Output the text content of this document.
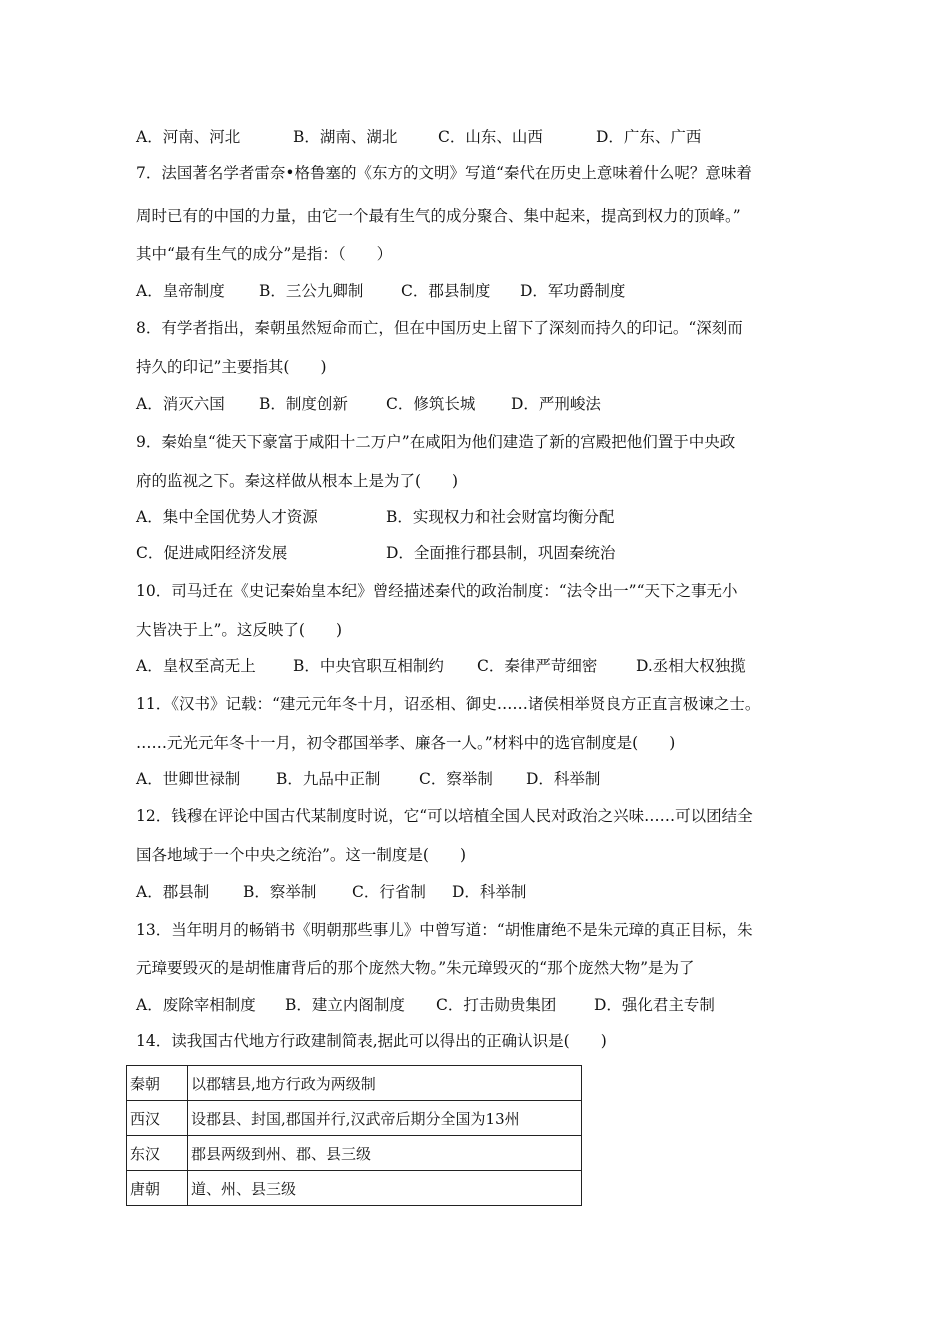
A．河南、河北

	B．湖南、湖北

	C．山东、山西

	D．广东、广西

7．法国著名学者雷奈•格鲁塞的《东方的文明》写道“秦代在历史上意味着什么呢？意味着
周时已有的中国的力量，由它一个最有生气的成分聚合、集中起来，提高到权力的顶峰。”
其中“最有生气的成分”是指：（　　）

A．皇帝制度

B．三公九卿制

C．郡县制度

D．军功爵制度

8．有学者指出，秦朝虽然短命而亡，但在中国历史上留下了深刻而持久的印记。“深刻而
持久的印记”主要指其(　　)

A．消灭六国

B．制度创新

C．修筑长城

D．严刑峻法

9．秦始皇“徙天下豪富于咸阳十二万户”在咸阳为他们建造了新的宫殿把他们置于中央政
府的监视之下。秦这样做从根本上是为了(　　)

A．集中全国优势人才资源

	B．实现权力和社会财富均衡分配

C．促进咸阳经济发展

	D．全面推行郡县制，巩固秦统治

10．司马迁在《史记秦始皇本纪》曾经描述秦代的政治制度：“法令出一”“天下之事无小
大皆决于上”。这反映了(　　)

A．皇权至高无上

B．中央官职互相制约

C．秦律严苛细密

D.丞相大权独揽

11．《汉书》记载：“建元元年冬十月，诏丞相、御史……诸侯相举贤良方正直言极谏之士。
……元光元年冬十一月，初令郡国举孝、廉各一人。”材料中的选官制度是(　　)

A．世卿世禄制

B．九品中正制

C．察举制

D．科举制

12．钱穆在评论中国古代某制度时说，它“可以培植全国人民对政治之兴味……可以团结全
国各地域于一个中央之统治”。这一制度是(　　)

A．郡县制

B．察举制

C．行省制

D．科举制

13．当年明月的畅销书《明朝那些事儿》中曾写道：“胡惟庸绝不是朱元璋的真正目标，朱
元璋要毁灭的是胡惟庸背后的那个庞然大物。”朱元璋毁灭的“那个庞然大物”是为了

A．废除宰相制度

B．建立内阁制度

C．打击勋贵集团

D．强化君主专制

14．读我国古代地方行政建制简表,据此可以得出的正确认识是(　　)
秦朝	以郡辖县,地方行政为两级制
西汉	设郡县、封国,郡国并行,汉武帝后期分全国为13州
东汉	郡县两级到州、郡、县三级
唐朝	道、州、县三级
